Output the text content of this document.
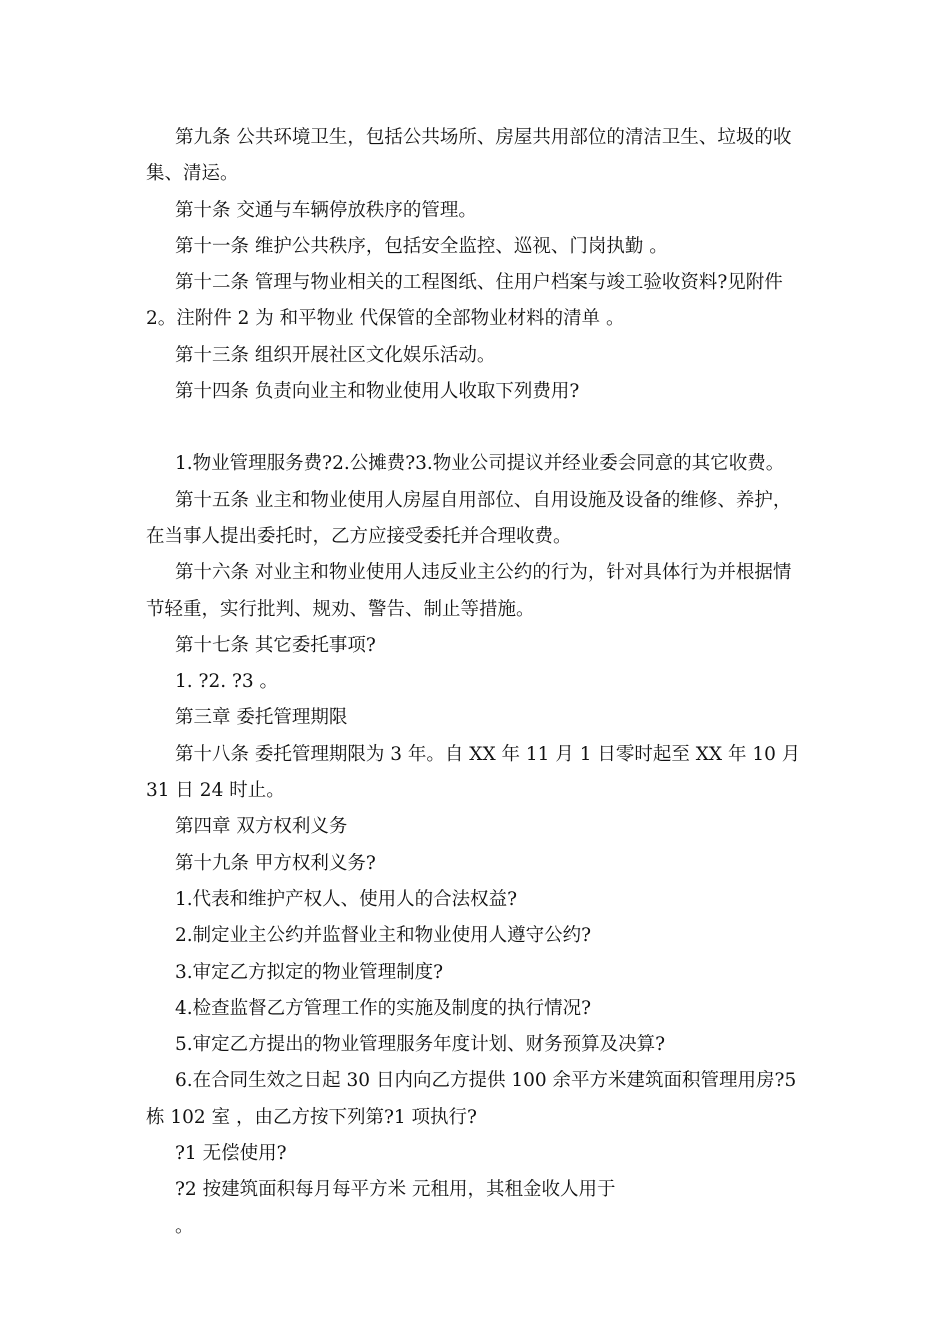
第九条 公共环境卫生，包括公共场所、房屋共用部位的清洁卫生、垃圾的收集、清运。

第十条 交通与车辆停放秩序的管理。

第十一条 维护公共秩序，包括安全监控、巡视、门岗执勤 。

第十二条 管理与物业相关的工程图纸、住用户档案与竣工验收资料?见附件2。注附件 2 为 和平物业 代保管的全部物业材料的清单 。

第十三条 组织开展社区文化娱乐活动。

第十四条 负责向业主和物业使用人收取下列费用?

1.物业管理服务费?2.公摊费?3.物业公司提议并经业委会同意的其它收费。

第十五条 业主和物业使用人房屋自用部位、自用设施及设备的维修、养护，在当事人提出委托时，乙方应接受委托并合理收费。

第十六条 对业主和物业使用人违反业主公约的行为，针对具体行为并根据情节轻重，实行批判、规劝、警告、制止等措施。

第十七条 其它委托事项?

1. ?2. ?3 。

第三章 委托管理期限

第十八条 委托管理期限为 3 年。自 XX 年 11 月 1 日零时起至 XX 年 10 月 31 日 24 时止。

第四章 双方权利义务

第十九条 甲方权利义务?

1.代表和维护产权人、使用人的合法权益?

2.制定业主公约并监督业主和物业使用人遵守公约?

3.审定乙方拟定的物业管理制度?

4.检查监督乙方管理工作的实施及制度的执行情况?

5.审定乙方提出的物业管理服务年度计划、财务预算及决算?

6.在合同生效之日起 30 日内向乙方提供 100 余平方米建筑面积管理用房?5 栋 102 室 ，由乙方按下列第?1 项执行?

?1 无偿使用?

?2 按建筑面积每月每平方米 元租用，其租金收人用于

。
